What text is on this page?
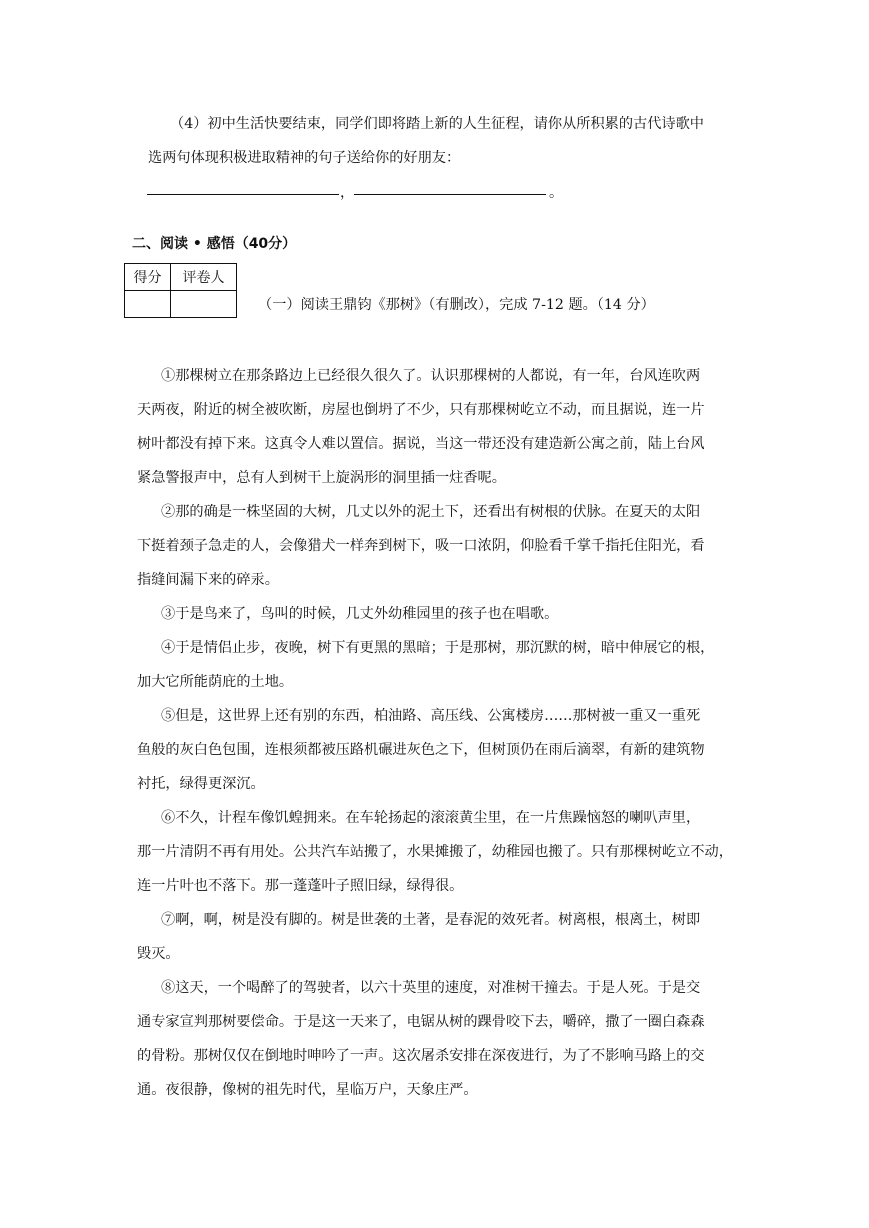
（4）初中生活快要结束，同学们即将踏上新的人生征程，请你从所积累的古代诗歌中
选两句体现积极进取精神的句子送给你的好朋友：
，	。
二、阅读 • 感悟（40分）
得分	评卷人

（一）阅读王鼎钧《那树》（有删改），完成 7-12 题。（14 分）
①那棵树立在那条路边上已经很久很久了。认识那棵树的人都说，有一年，台风连吹两
天两夜，附近的树全被吹断，房屋也倒坍了不少，只有那棵树屹立不动，而且据说，连一片
树叶都没有掉下来。这真令人难以置信。据说，当这一带还没有建造新公寓之前，陆上台风
紧急警报声中，总有人到树干上旋涡形的洞里插一炷香呢。
②那的确是一株坚固的大树，几丈以外的泥土下，还看出有树根的伏脉。在夏天的太阳
下挺着颈子急走的人，会像猎犬一样奔到树下，吸一口浓阴，仰脸看千掌千指托住阳光，看
指缝间漏下来的碎汞。
③于是鸟来了，鸟叫的时候，几丈外幼稚园里的孩子也在唱歌。
④于是情侣止步，夜晚，树下有更黑的黑暗；于是那树，那沉默的树，暗中伸展它的根，
加大它所能荫庇的土地。
⑤但是，这世界上还有别的东西，柏油路、高压线、公寓楼房……那树被一重又一重死
鱼般的灰白色包围，连根须都被压路机碾进灰色之下，但树顶仍在雨后滴翠，有新的建筑物
衬托，绿得更深沉。
⑥不久，计程车像饥蝗拥来。在车轮扬起的滚滚黄尘里，在一片焦躁恼怒的喇叭声里，
那一片清阴不再有用处。公共汽车站搬了，水果摊搬了，幼稚园也搬了。只有那棵树屹立不动，
连一片叶也不落下。那一蓬蓬叶子照旧绿，绿得很。
⑦啊，啊，树是没有脚的。树是世袭的土著，是春泥的效死者。树离根，根离土，树即
毁灭。
⑧这天，一个喝醉了的驾驶者，以六十英里的速度，对准树干撞去。于是人死。于是交
通专家宣判那树要偿命。于是这一天来了，电锯从树的踝骨咬下去，嚼碎，撒了一圈白森森
的骨粉。那树仅仅在倒地时呻吟了一声。这次屠杀安排在深夜进行，为了不影响马路上的交
通。夜很静，像树的祖先时代，星临万户，天象庄严。
